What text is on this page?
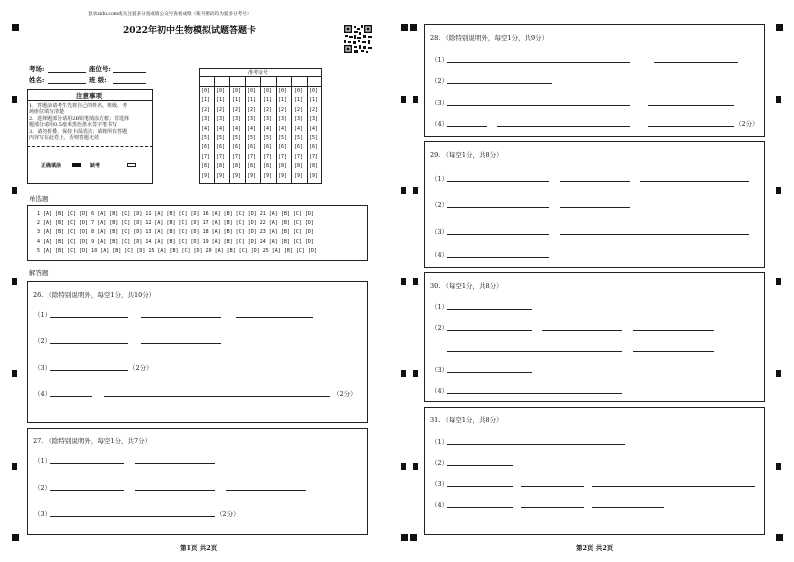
登录zidu.com或关注爱多分查成绩公众号查看成绩（账号密码均为爱多分考号）
2022年初中生物模拟试题答题卡
考场:	座位号:
姓名:	班 级:
注意事项
1．答题前请考生先将自己的姓名、班级、考
场座位填写清楚
2．选择题部分请用2B铅笔填涂方框；非选择
题部分请用0.5毫米黑色墨水签字笔书写
3．请勿折叠，保持卡面清洁；请将所有答题
内容写在此卷上，否则答题无效
正确填涂	缺考
准考证号
[0] [0] [0] [0] [0] [0] [0] [0]
[1] [1] [1] [1] [1] [1] [1] [1]
[2] [2] [2] [2] [2] [2] [2] [2]
[3] [3] [3] [3] [3] [3] [3] [3]
[4] [4] [4] [4] [4] [4] [4] [4]
[5] [5] [5] [5] [5] [5] [5] [5]
[6] [6] [6] [6] [6] [6] [6] [6]
[7] [7] [7] [7] [7] [7] [7] [7]
[8] [8] [8] [8] [8] [8] [8] [8]
[9] [9] [9] [9] [9] [9] [9] [9]
单选题
1 [A] [B] [C] [D] 6 [A] [B] [C] [D] 11 [A] [B] [C] [D] 16 [A] [B] [C] [D] 21 [A] [B] [C] [D]
2 [A] [B] [C] [D] 7 [A] [B] [C] [D] 12 [A] [B] [C] [D] 17 [A] [B] [C] [D] 22 [A] [B] [C] [D]
3 [A] [B] [C] [D] 8 [A] [B] [C] [D] 13 [A] [B] [C] [D] 18 [A] [B] [C] [D] 23 [A] [B] [C] [D]
4 [A] [B] [C] [D] 9 [A] [B] [C] [D] 14 [A] [B] [C] [D] 19 [A] [B] [C] [D] 24 [A] [B] [C] [D]
5 [A] [B] [C] [D] 10 [A] [B] [C] [D] 15 [A] [B] [C] [D] 20 [A] [B] [C] [D] 25 [A] [B] [C] [D]
解答题
26. （除特别说明外，每空1分，共10分）
（1）
（2）
（3）	（2分）
（4）	（2分）
27. （除特别说明外，每空1分，共7分）
（1）
（2）
（3）	（2分）
第1页 共2页
28. （除特别说明外，每空1分，共9分）
（1）
（2）
（3）
（4）	（2分）
29. （每空1分，共8分）
（1）
（2）
（3）
（4）
30. （每空1分，共8分）
（1）
（2）
（3）
（4）
31. （每空1分，共8分）
（1）
（2）
（3）
（4）
第2页 共2页
